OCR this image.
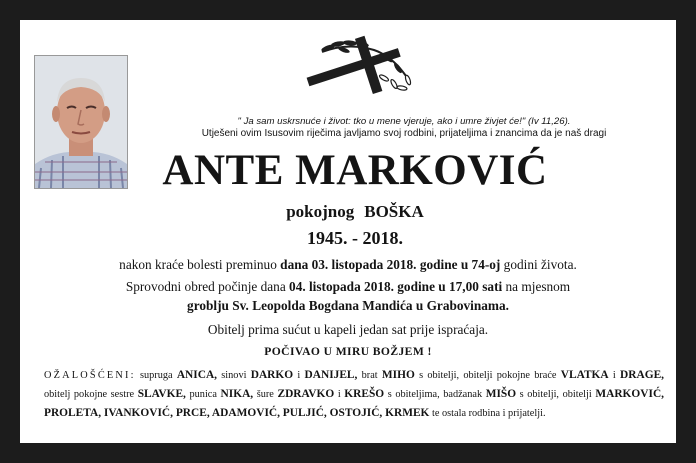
" Ja sam uskrsnuće i život: tko u mene vjeruje, ako i umre živjet će!" (Iv 11,26).
Utješeni ovim Isusovim riječima javljamo svoj rodbini, prijateljima i znancima da je naš dragi
ANTE MARKOVIĆ
pokojnog BOŠKA
1945. - 2018.
nakon kraće bolesti preminuo dana 03. listopada 2018. godine u 74-oj godini života.
Sprovodni obred počinje dana 04. listopada 2018. godine u 17,00 sati na mjesnom
groblju Sv. Leopolda Bogdana Mandića u Grabovinama.
Obitelj prima sućut u kapeli jedan sat prije ispraćaja.
POČIVAO U MIRU BOŽJEM !
OŽALOŠĆENI: supruga ANICA, sinovi DARKO i DANIJEL, brat MIHO s obitelji, obitelji pokojne braće VLATKA i DRAGE, obitelj pokojne sestre SLAVKE, punica NIKA, šure ZDRAVKO i KREŠO s obiteljima, badžanak MIŠO s obitelji, obitelji MARKOVIĆ, PROLETA, IVANKOVIĆ, PRCE, ADAMOVIĆ, PULJIĆ, OSTOJIĆ, KRMEK te ostala rodbina i prijatelji.
